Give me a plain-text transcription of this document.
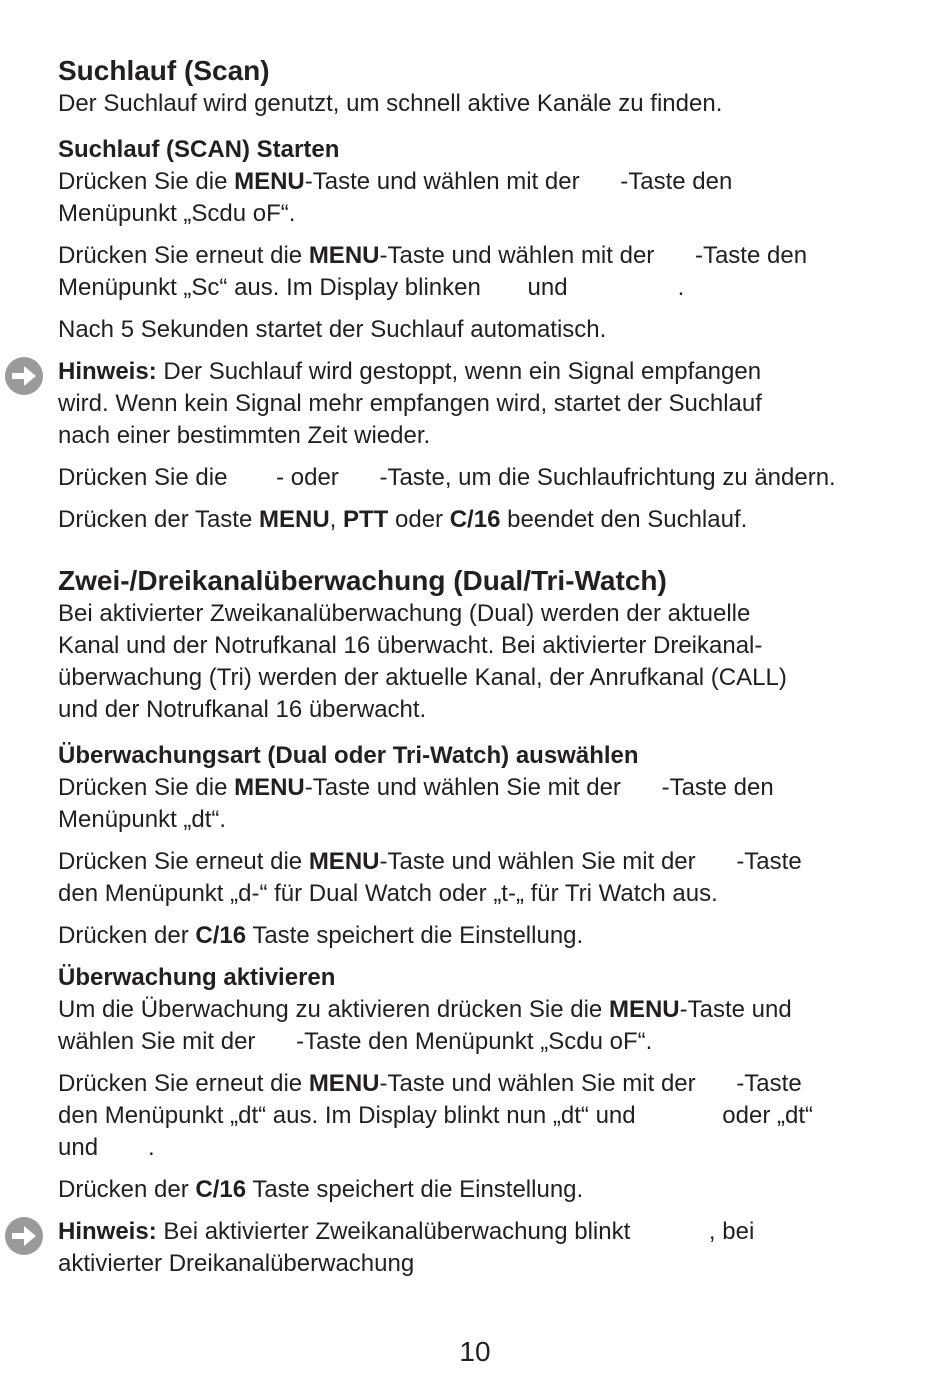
Suchlauf (Scan)

Der Suchlauf wird genutzt, um schnell aktive Kanäle zu finden.

Suchlauf (SCAN) Starten

Drücken Sie die MENU-Taste und wählen mit der -Taste den
Menüpunkt „Scdu oF“.

Drücken Sie erneut die MENU-Taste und wählen mit der -Taste den
Menüpunkt „Sc“ aus. Im Display blinken und	.

Nach 5 Sekunden startet der Suchlauf automatisch.

Hinweis: Der Suchlauf wird gestoppt, wenn ein Signal empfangen
wird. Wenn kein Signal mehr empfangen wird, startet der Suchlauf
nach einer bestimmten Zeit wieder.

Drücken Sie die - oder -Taste, um die Suchlaufrichtung zu ändern.

Drücken der Taste MENU, PTT oder C/16 beendet den Suchlauf.

Zwei-/Dreikanalüberwachung (Dual/Tri-Watch)

Bei aktivierter Zweikanalüberwachung (Dual) werden der aktuelle
Kanal und der Notrufkanal 16 überwacht. Bei aktivierter Dreikanal-
überwachung (Tri) werden der aktuelle Kanal, der Anrufkanal (CALL)
und der Notrufkanal 16 überwacht.

Überwachungsart (Dual oder Tri-Watch) auswählen

Drücken Sie die MENU-Taste und wählen Sie mit der -Taste den
Menüpunkt „dt“.

Drücken Sie erneut die MENU-Taste und wählen Sie mit der -Taste
den Menüpunkt „d-“ für Dual Watch oder „t-„ für Tri Watch aus.

Drücken der C/16 Taste speichert die Einstellung.

Überwachung aktivieren

Um die Überwachung zu aktivieren drücken Sie die MENU-Taste und
wählen Sie mit der -Taste den Menüpunkt „Scdu oF“.

Drücken Sie erneut die MENU-Taste und wählen Sie mit der -Taste
den Menüpunkt „dt“ aus. Im Display blinkt nun „dt“ und	oder „dt“
und .

Drücken der C/16 Taste speichert die Einstellung.

Hinweis: Bei aktivierter Zweikanalüberwachung blinkt	, bei
aktivierter Dreikanalüberwachung

10
